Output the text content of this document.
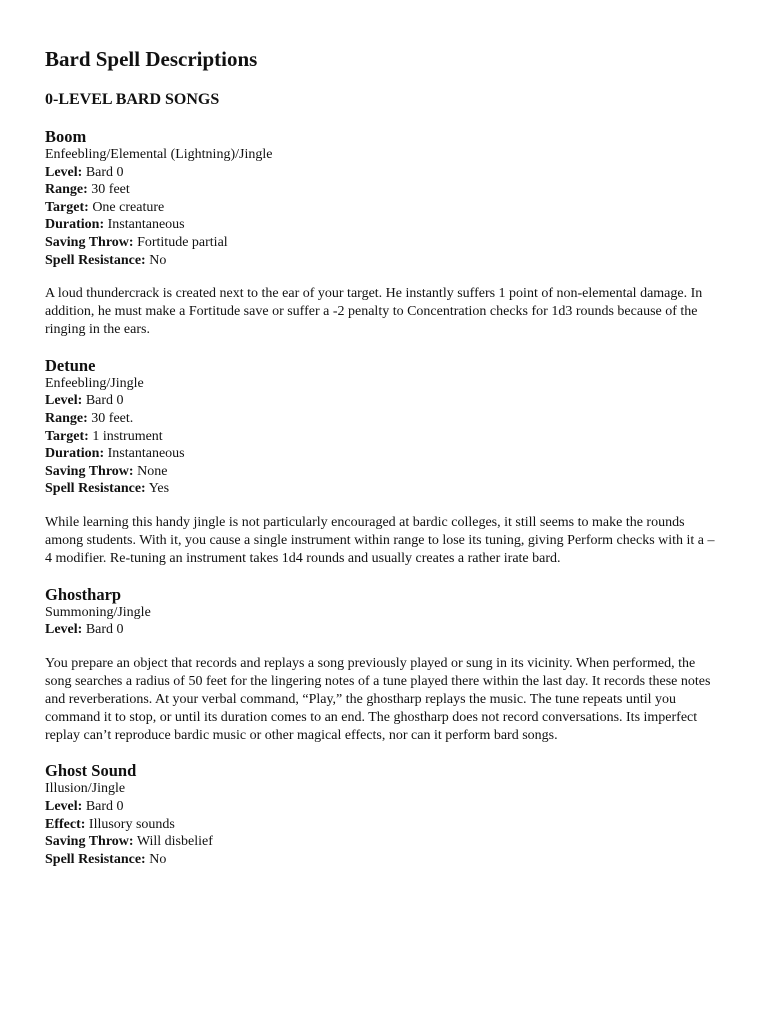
Bard Spell Descriptions
0-LEVEL BARD SONGS
Boom

Enfeebling/Elemental (Lightning)/Jingle

Level: Bard 0

Range: 30 feet

Target: One creature

Duration: Instantaneous

Saving Throw: Fortitude partial

Spell Resistance: No

A loud thundercrack is created next to the ear of your target. He instantly suffers 1 point of non-elemental damage. In addition, he must make a Fortitude save or suffer a -2 penalty to Concentration checks for 1d3 rounds because of the ringing in the ears.

Detune

Enfeebling/Jingle

Level: Bard 0

Range: 30 feet.

Target: 1 instrument

Duration: Instantaneous

Saving Throw: None

Spell Resistance: Yes

While learning this handy jingle is not particularly encouraged at bardic colleges, it still seems to make the rounds among students. With it, you cause a single instrument within range to lose its tuning, giving Perform checks with it a –4 modifier. Re-tuning an instrument takes 1d4 rounds and usually creates a rather irate bard.

Ghostharp

Summoning/Jingle

Level: Bard 0

You prepare an object that records and replays a song previously played or sung in its vicinity. When performed, the song searches a radius of 50 feet for the lingering notes of a tune played there within the last day. It records these notes and reverberations. At your verbal command, “Play,” the ghostharp replays the music. The tune repeats until you command it to stop, or until its duration comes to an end. The ghostharp does not record conversations. Its imperfect replay can’t reproduce bardic music or other magical effects, nor can it perform bard songs.

Ghost Sound

Illusion/Jingle

Level: Bard 0

Effect: Illusory sounds

Saving Throw: Will disbelief

Spell Resistance: No
